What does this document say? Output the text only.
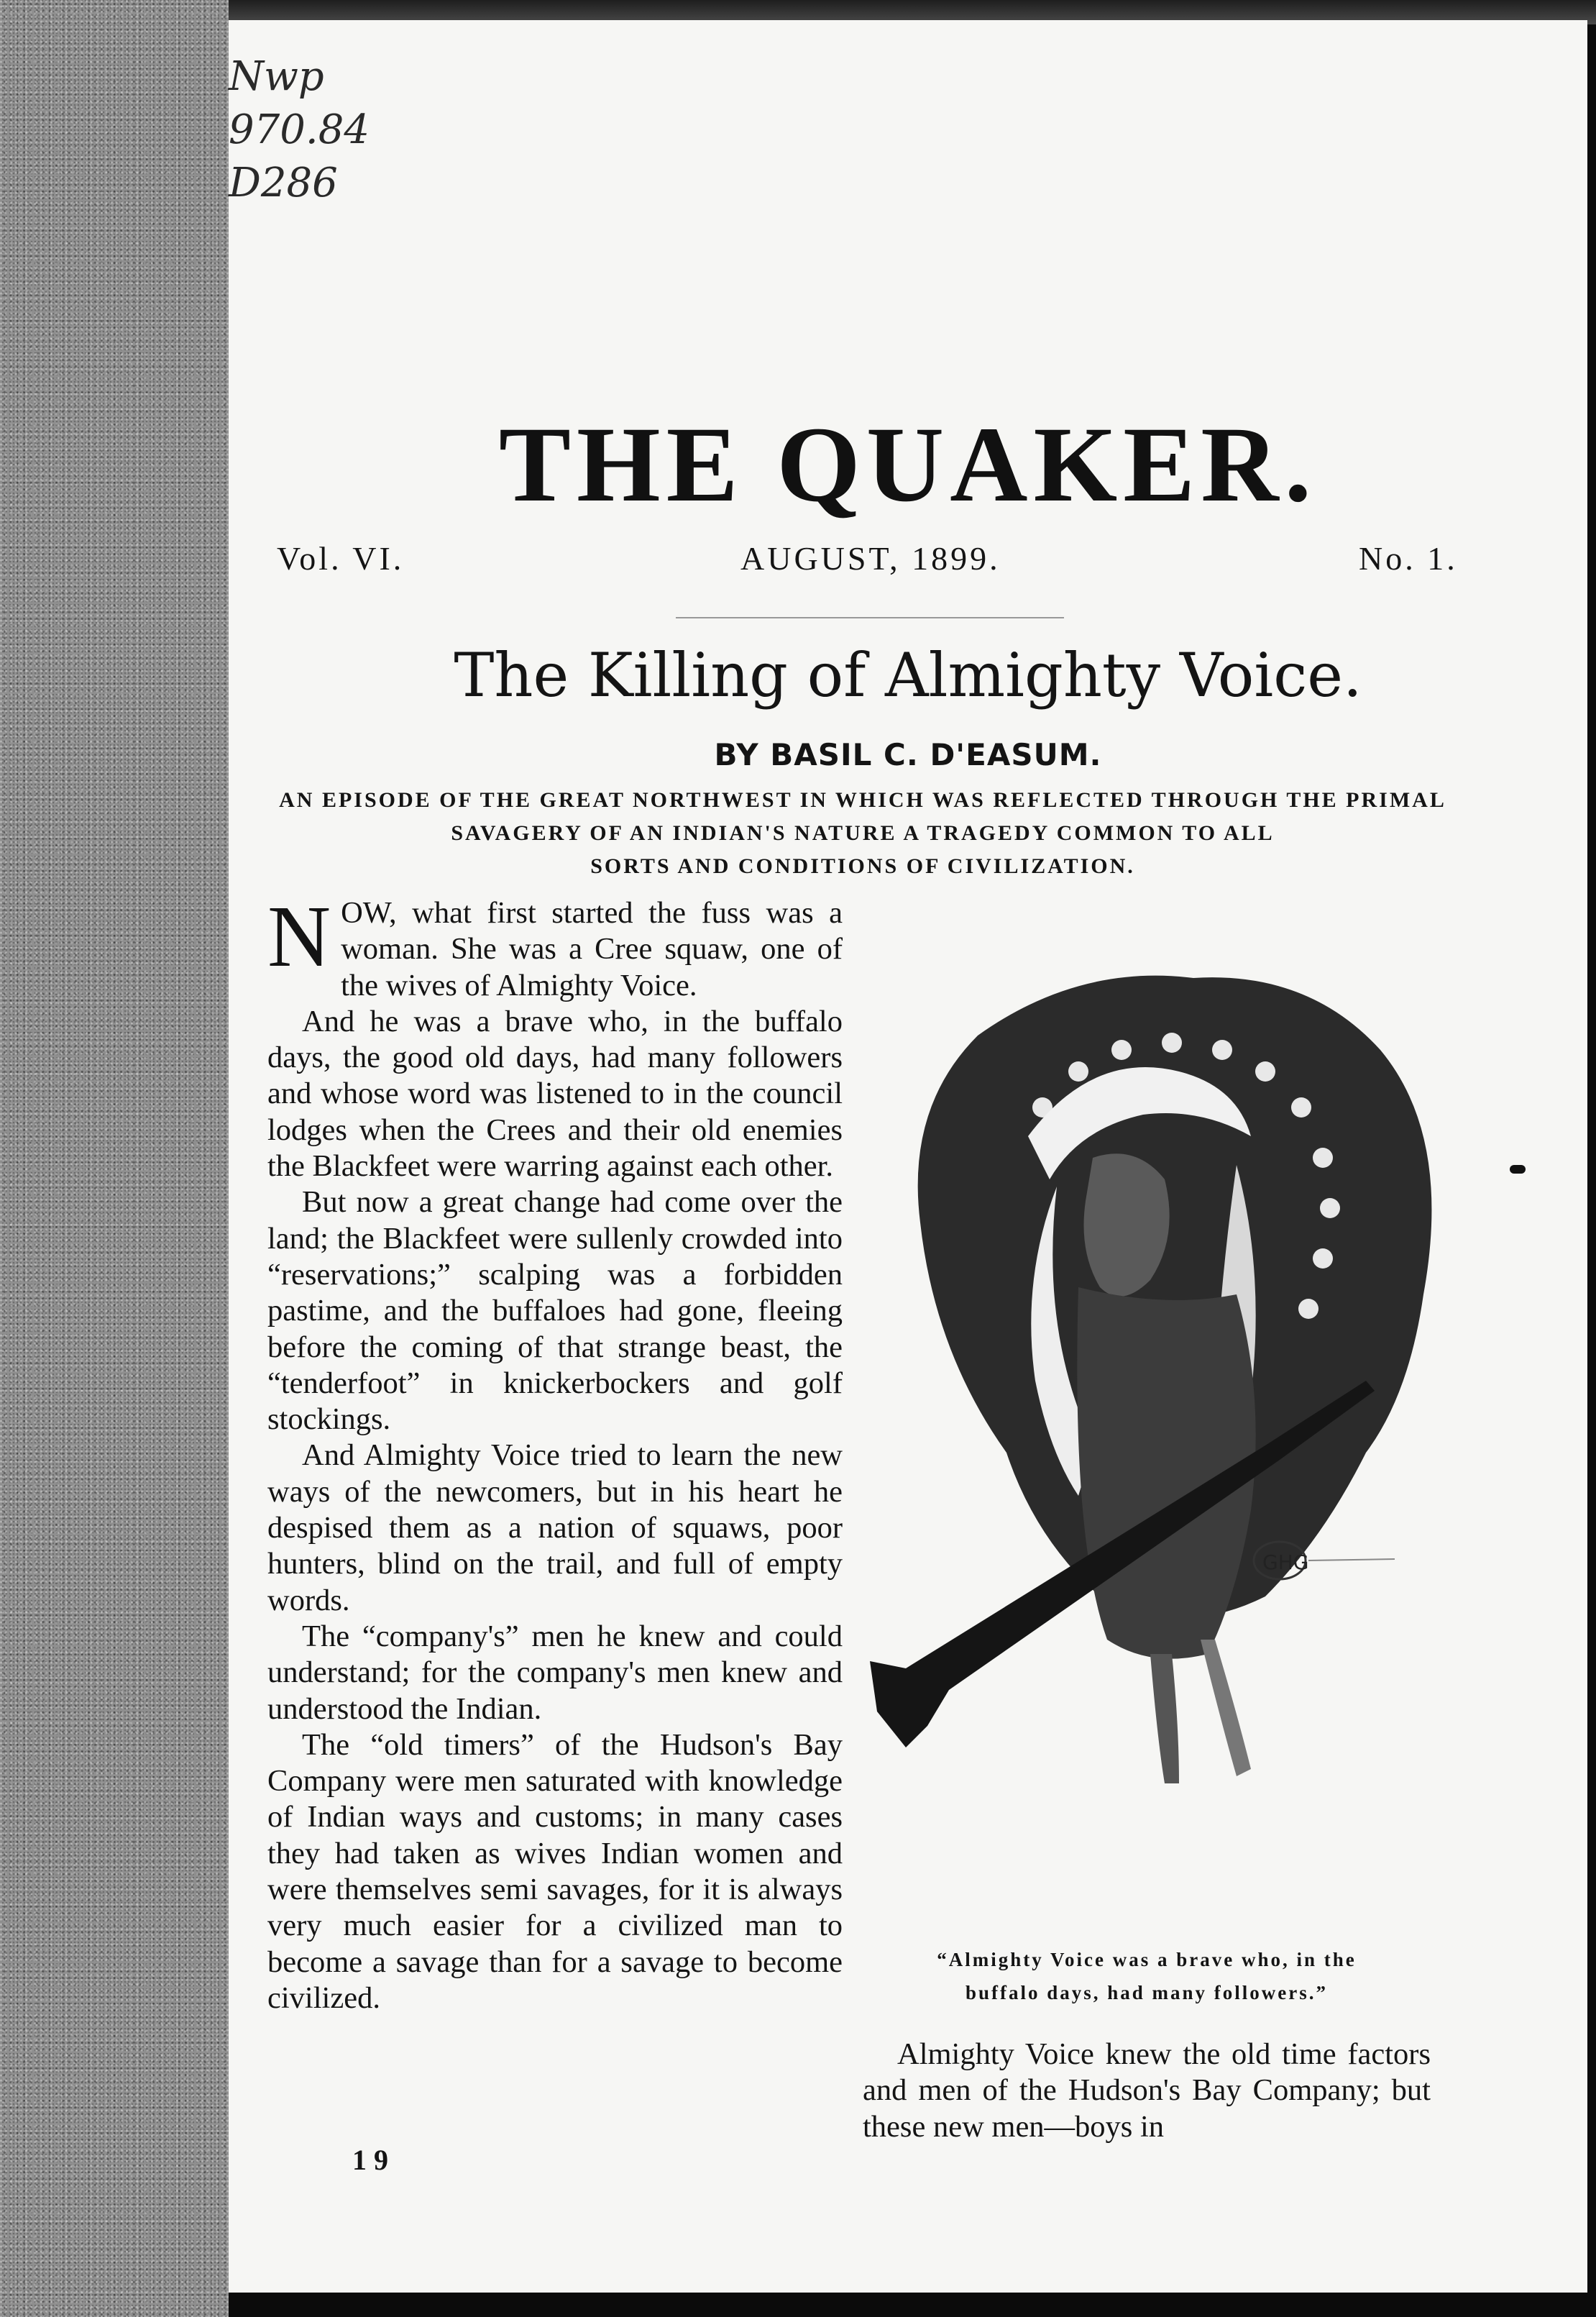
Nwp
970.84
D286
THE QUAKER.
Vol. VI.	AUGUST, 1899.	No. 1.
The Killing of Almighty Voice.
BY BASIL C. D'EASUM.
AN EPISODE OF THE GREAT NORTHWEST IN WHICH WAS REFLECTED THROUGH THE PRIMAL
SAVAGERY OF AN INDIAN'S NATURE A TRAGEDY COMMON TO ALL
SORTS AND CONDITIONS OF CIVILIZATION.

NOW, what first started the fuss was a woman. She was a Cree squaw, one of the wives of Almighty Voice.

And he was a brave who, in the buffalo days, the good old days, had many followers and whose word was listened to in the council lodges when the Crees and their old enemies the Blackfeet were warring against each other.

But now a great change had come over the land; the Blackfeet were sullenly crowded into “reservations;” scalping was a forbidden pastime, and the buffaloes had gone, fleeing before the coming of that strange beast, the “tenderfoot” in knickerbockers and golf stockings.

And Almighty Voice tried to learn the new ways of the newcomers, but in his heart he despised them as a nation of squaws, poor hunters, blind on the trail, and full of empty words.

The “company's” men he knew and could understand; for the company's men knew and understood the Indian.

The “old timers” of the Hudson's Bay Company were men saturated with knowledge of Indian ways and customs; in many cases they had taken as wives Indian women and were themselves semi savages, for it is always very much easier for a civilized man to become a savage than for a savage to become civilized.

GHG
“Almighty Voice was a brave who, in the
buffalo days, had many followers.”

Almighty Voice knew the old time factors and men of the Hudson's Bay Company; but these new men—boys in

19
